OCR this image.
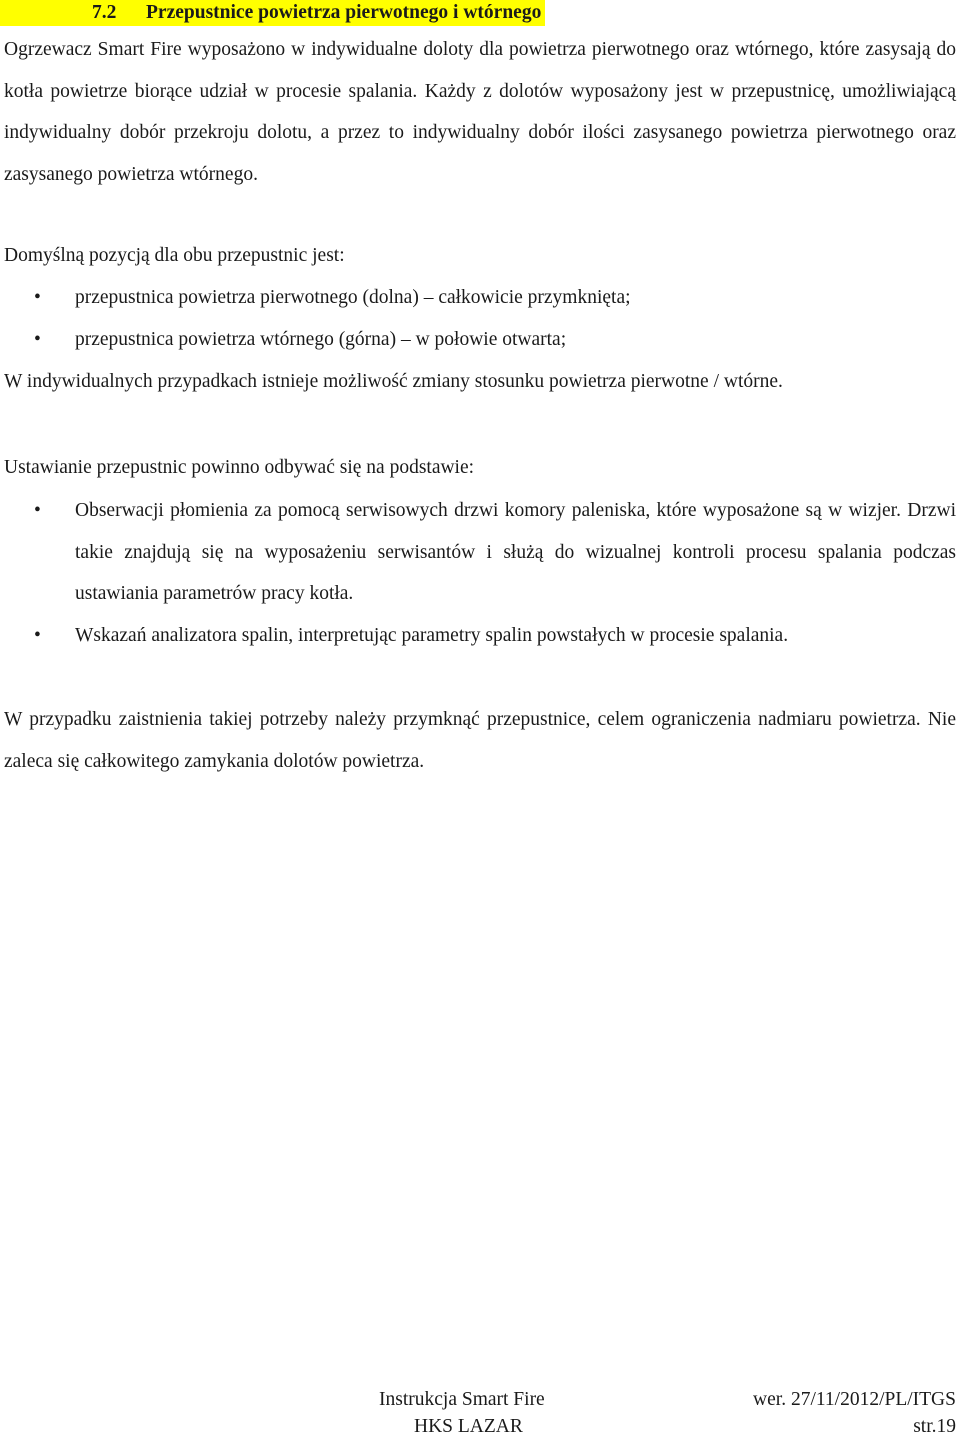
7.2 Przepustnice powietrza pierwotnego i wtórnego
Ogrzewacz Smart Fire wyposażono w indywidualne doloty dla powietrza pierwotnego oraz wtórnego, które zasysają do kotła powietrze biorące udział w procesie spalania. Każdy z dolotów wyposażony jest w przepustnicę, umożliwiającą indywidualny dobór przekroju dolotu, a przez to indywidualny dobór ilości zasysanego powietrza pierwotnego oraz zasysanego powietrza wtórnego.
Domyślną pozycją dla obu przepustnic jest:
• przepustnica powietrza pierwotnego (dolna) – całkowicie przymknięta;
• przepustnica powietrza wtórnego (górna) – w połowie otwarta;
W indywidualnych przypadkach istnieje możliwość zmiany stosunku powietrza pierwotne / wtórne.
Ustawianie przepustnic powinno odbywać się na podstawie:
• Obserwacji płomienia za pomocą serwisowych drzwi komory paleniska, które wyposażone są w wizjer. Drzwi takie znajdują się na wyposażeniu serwisantów i służą do wizualnej kontroli procesu spalania podczas ustawiania parametrów pracy kotła.
• Wskazań analizatora spalin, interpretując parametry spalin powstałych w procesie spalania.
W przypadku zaistnienia takiej potrzeby należy przymknąć przepustnice, celem ograniczenia nadmiaru powietrza. Nie zaleca się całkowitego zamykania dolotów powietrza.
Instrukcja Smart Fire
HKS LAZAR
wer. 27/11/2012/PL/ITGS
str.19
